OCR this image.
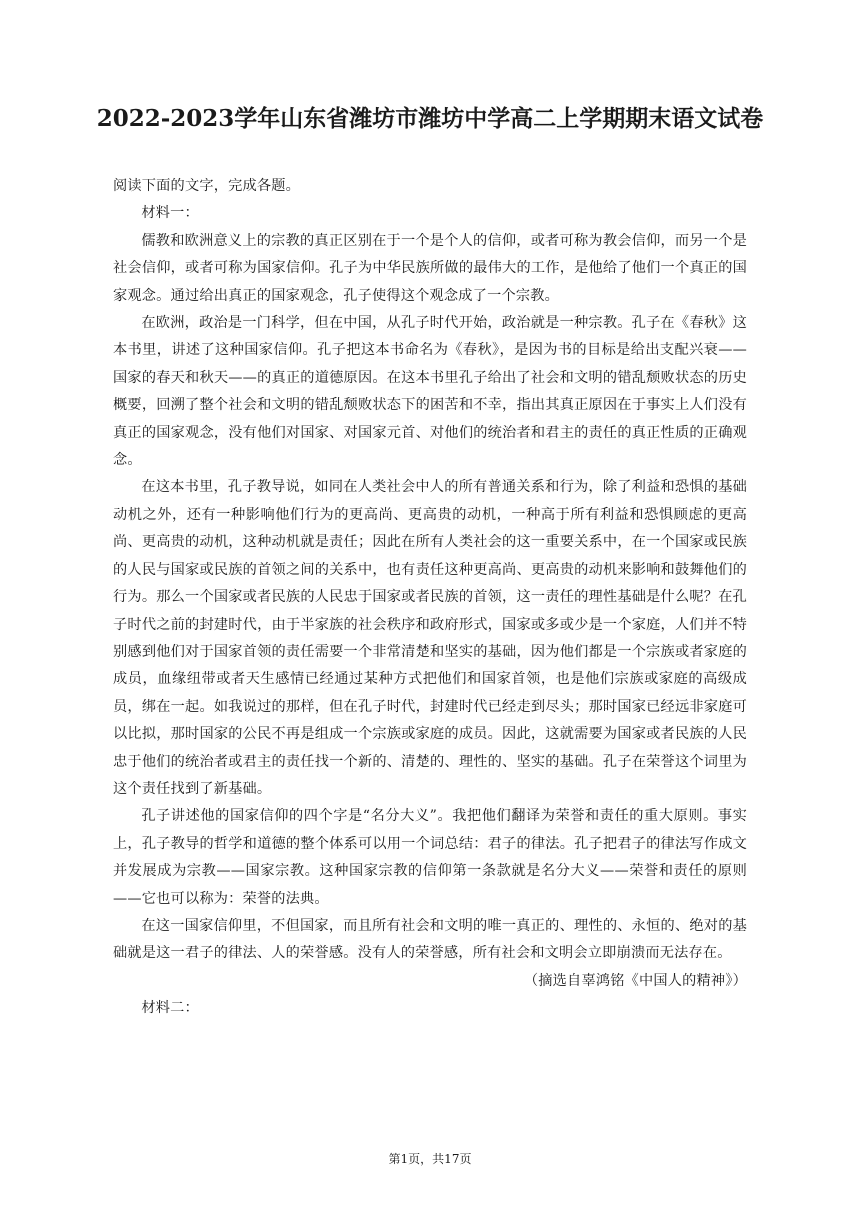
2022-2023学年山东省潍坊市潍坊中学高二上学期期末语文试卷

阅读下面的文字，完成各题。

材料一：

儒教和欧洲意义上的宗教的真正区别在于一个是个人的信仰，或者可称为教会信仰，而另一个是社会信仰，或者可称为国家信仰。孔子为中华民族所做的最伟大的工作，是他给了他们一个真正的国家观念。通过给出真正的国家观念，孔子使得这个观念成了一个宗教。

在欧洲，政治是一门科学，但在中国，从孔子时代开始，政治就是一种宗教。孔子在《春秋》这本书里，讲述了这种国家信仰。孔子把这本书命名为《春秋》，是因为书的目标是给出支配兴衰——国家的春天和秋天——的真正的道德原因。在这本书里孔子给出了社会和文明的错乱颓败状态的历史概要，回溯了整个社会和文明的错乱颓败状态下的困苦和不幸，指出其真正原因在于事实上人们没有真正的国家观念，没有他们对国家、对国家元首、对他们的统治者和君主的责任的真正性质的正确观念。

在这本书里，孔子教导说，如同在人类社会中人的所有普通关系和行为，除了利益和恐惧的基础动机之外，还有一种影响他们行为的更高尚、更高贵的动机，一种高于所有利益和恐惧顾虑的更高尚、更高贵的动机，这种动机就是责任；因此在所有人类社会的这一重要关系中，在一个国家或民族的人民与国家或民族的首领之间的关系中，也有责任这种更高尚、更高贵的动机来影响和鼓舞他们的行为。那么一个国家或者民族的人民忠于国家或者民族的首领，这一责任的理性基础是什么呢？在孔子时代之前的封建时代，由于半家族的社会秩序和政府形式，国家或多或少是一个家庭，人们并不特别感到他们对于国家首领的责任需要一个非常清楚和坚实的基础，因为他们都是一个宗族或者家庭的成员，血缘纽带或者天生感情已经通过某种方式把他们和国家首领，也是他们宗族或家庭的高级成员，绑在一起。如我说过的那样，但在孔子时代，封建时代已经走到尽头；那时国家已经远非家庭可以比拟，那时国家的公民不再是组成一个宗族或家庭的成员。因此，这就需要为国家或者民族的人民忠于他们的统治者或君主的责任找一个新的、清楚的、理性的、坚实的基础。孔子在荣誉这个词里为这个责任找到了新基础。

孔子讲述他的国家信仰的四个字是“名分大义”。我把他们翻译为荣誉和责任的重大原则。事实上，孔子教导的哲学和道德的整个体系可以用一个词总结：君子的律法。孔子把君子的律法写作成文并发展成为宗教——国家宗教。这种国家宗教的信仰第一条款就是名分大义——荣誉和责任的原则——它也可以称为：荣誉的法典。

在这一国家信仰里，不但国家，而且所有社会和文明的唯一真正的、理性的、永恒的、绝对的基础就是这一君子的律法、人的荣誉感。没有人的荣誉感，所有社会和文明会立即崩溃而无法存在。

（摘选自辜鸿铭《中国人的精神》）

材料二：

第1页，共17页
